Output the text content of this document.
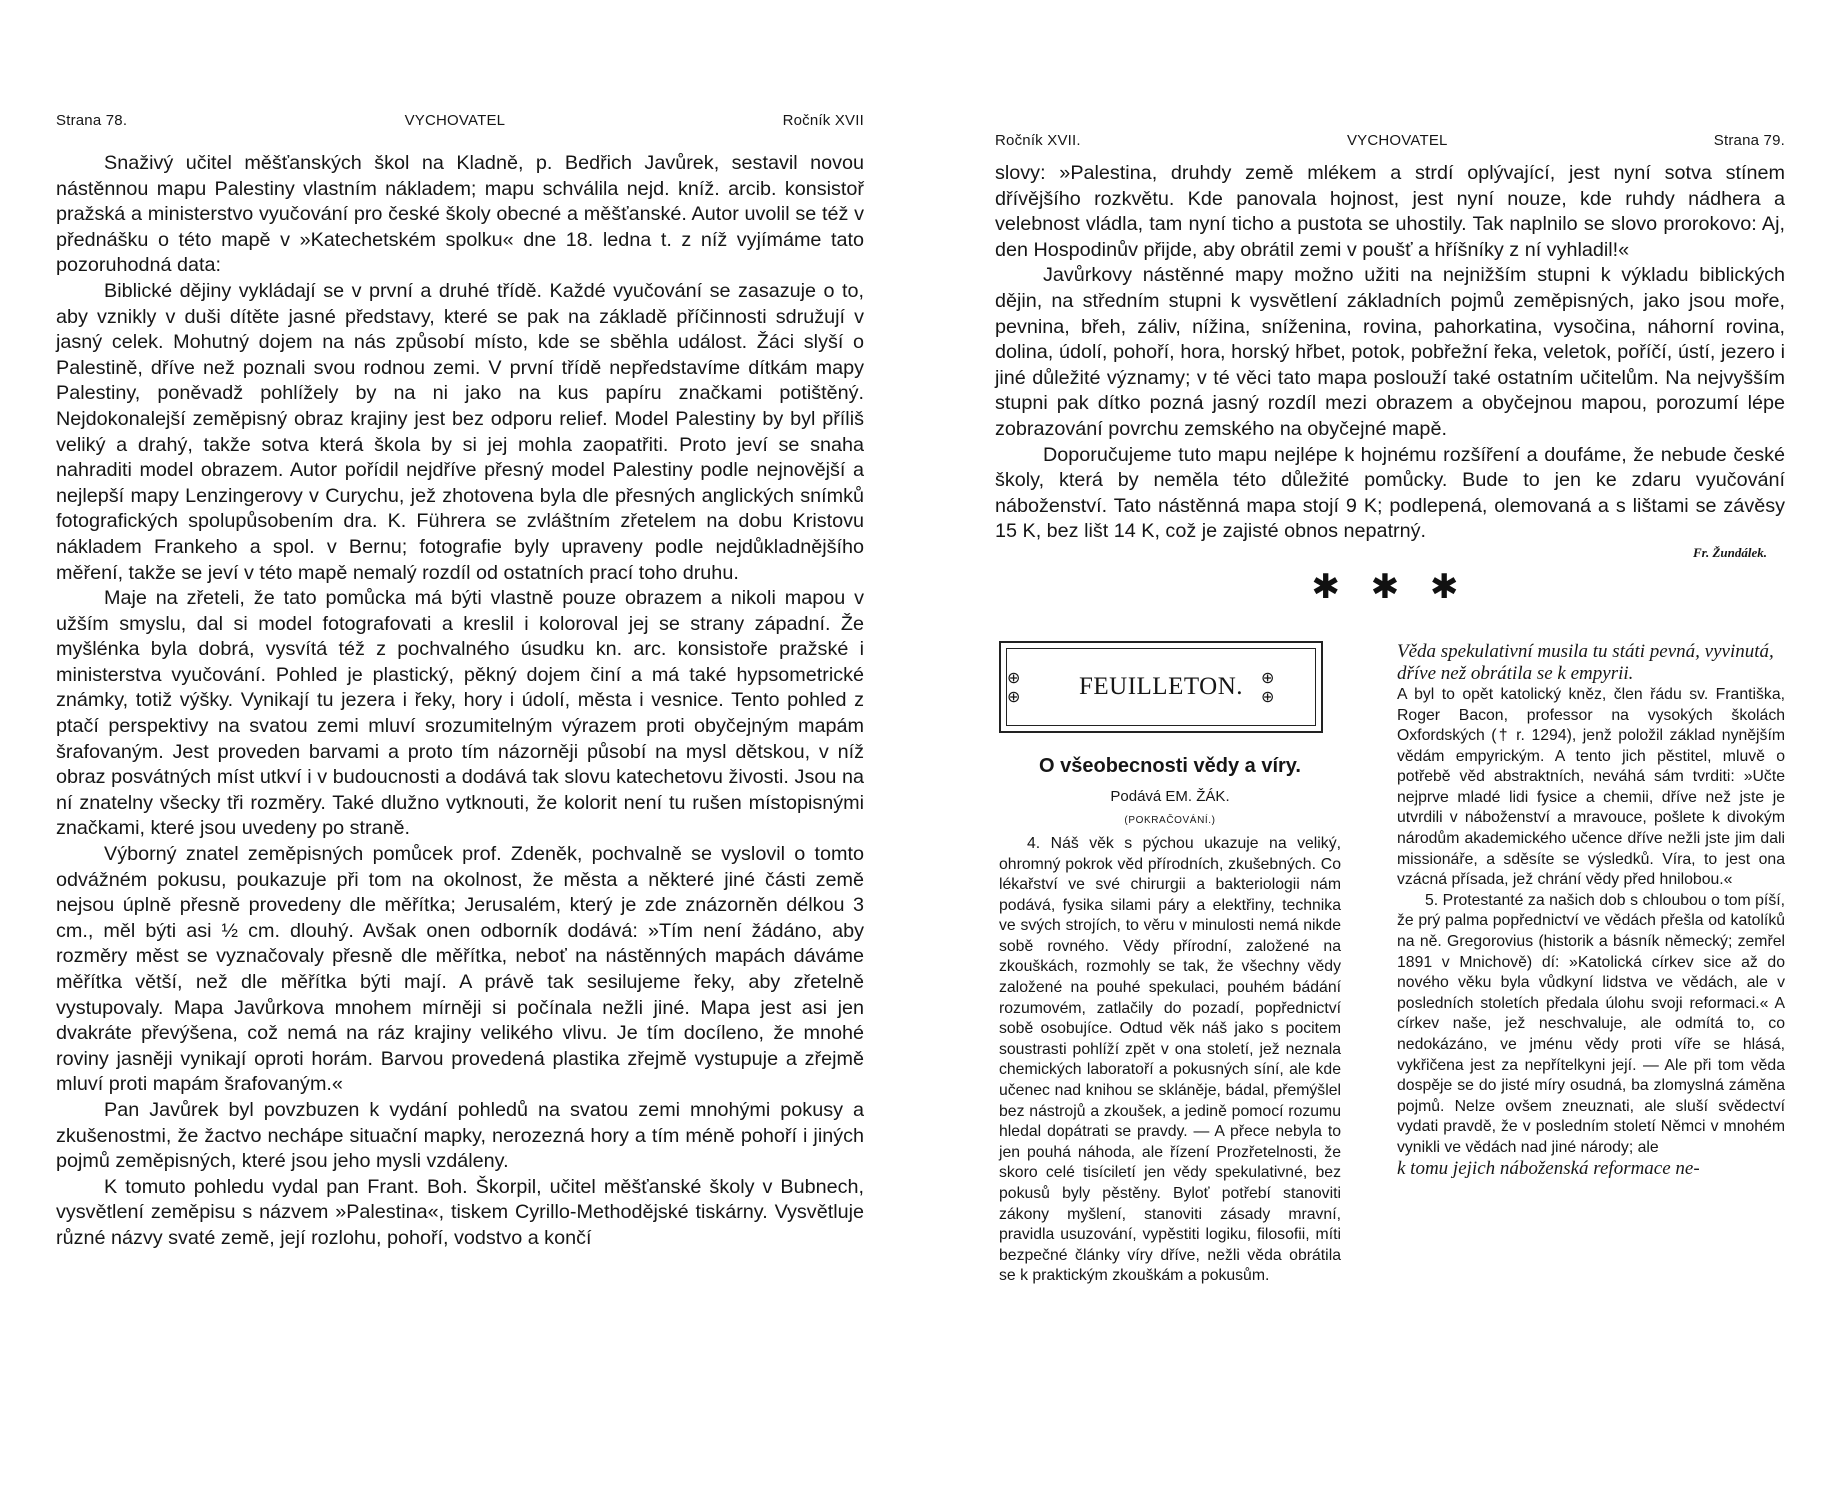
Strana 78.	VYCHOVATEL	Ročník XVII

Snaživý učitel měšťanských škol na Kladně, p. Bedřich Javůrek, sestavil novou nástěnnou mapu Palestiny vlastním nákladem; mapu schválila nejd. kníž. arcib. konsistoř pražská a ministerstvo vyučování pro české školy obecné a měšťanské. Autor uvolil se též v přednášku o této mapě v »Katechetském spolku« dne 18. ledna t. z níž vyjímáme tato pozoruhodná data:

Biblické dějiny vykládají se v první a druhé třídě. Každé vyučování se zasazuje o to, aby vznikly v duši dítěte jasné představy, které se pak na základě příčinnosti sdružují v jasný celek. Mohutný dojem na nás způsobí místo, kde se sběhla událost. Žáci slyší o Palestině, dříve než poznali svou rodnou zemi. V první třídě nepředstavíme dítkám mapy Palestiny, poněvadž pohlížely by na ni jako na kus papíru značkami potištěný. Nejdokonalejší zeměpisný obraz krajiny jest bez odporu relief. Model Palestiny by byl příliš veliký a drahý, takže sotva která škola by si jej mohla zaopatřiti. Proto jeví se snaha nahraditi model obrazem. Autor pořídil nejdříve přesný model Palestiny podle nejnovější a nejlepší mapy Lenzingerovy v Curychu, jež zhotovena byla dle přesných anglických snímků fotografických spolupůsobením dra. K. Führera se zvláštním zřetelem na dobu Kristovu nákladem Frankeho a spol. v Bernu; fotografie byly upraveny podle nejdůkladnějšího měření, takže se jeví v této mapě nemalý rozdíl od ostatních prací toho druhu.

Maje na zřeteli, že tato pomůcka má býti vlastně pouze obrazem a nikoli mapou v užším smyslu, dal si model fotografovati a kreslil i koloroval jej se strany západní. Že myšlénka byla dobrá, vysvítá též z pochvalného úsudku kn. arc. konsistoře pražské i ministerstva vyučování. Pohled je plastický, pěkný dojem činí a má také hypsometrické známky, totiž výšky. Vynikají tu jezera i řeky, hory i údolí, města i vesnice. Tento pohled z ptačí perspektivy na svatou zemi mluví srozumitelným výrazem proti obyčejným mapám šrafovaným. Jest proveden barvami a proto tím názorněji působí na mysl dětskou, v níž obraz posvátných míst utkví i v budoucnosti a dodává tak slovu katechetovu živosti. Jsou na ní znatelny všecky tři rozměry. Také dlužno vytknouti, že kolorit není tu rušen místopisnými značkami, které jsou uvedeny po straně.

Výborný znatel zeměpisných pomůcek prof. Zdeněk, pochvalně se vyslovil o tomto odvážném pokusu, poukazuje při tom na okolnost, že města a některé jiné části země nejsou úplně přesně provedeny dle měřítka; Jerusalém, který je zde znázorněn délkou 3 cm., měl býti asi ½ cm. dlouhý. Avšak onen odborník dodává: »Tím není žádáno, aby rozměry měst se vyznačovaly přesně dle měřítka, neboť na nástěnných mapách dáváme měřítka větší, než dle měřítka býti mají. A právě tak sesilujeme řeky, aby zřetelně vystupovaly. Mapa Javůrkova mnohem mírněji si počínala nežli jiné. Mapa jest asi jen dvakráte převýšena, což nemá na ráz krajiny velikého vlivu. Je tím docíleno, že mnohé roviny jasněji vynikají oproti horám. Barvou provedená plastika zřejmě vystupuje a zřejmě mluví proti mapám šrafovaným.«

Pan Javůrek byl povzbuzen k vydání pohledů na svatou zemi mnohými pokusy a zkušenostmi, že žactvo nechápe situační mapky, nerozezná hory a tím méně pohoří i jiných pojmů zeměpisných, které jsou jeho mysli vzdáleny.

K tomuto pohledu vydal pan Frant. Boh. Škorpil, učitel měšťanské školy v Bubnech, vysvětlení zeměpisu s názvem »Palestina«, tiskem Cyrillo-Methodějské tiskárny. Vysvětluje různé názvy svaté země, její rozlohu, pohoří, vodstvo a končí

Ročník XVII.	VYCHOVATEL	Strana 79.

slovy: »Palestina, druhdy země mlékem a strdí oplývající, jest nyní sotva stínem dřívějšího rozkvětu. Kde panovala hojnost, jest nyní nouze, kde ruhdy nádhera a velebnost vládla, tam nyní ticho a pustota se uhostily. Tak naplnilo se slovo prorokovo: Aj, den Hospodinův přijde, aby obrátil zemi v poušť a hříšníky z ní vyhladil!«

Javůrkovy nástěnné mapy možno užiti na nejnižším stupni k výkladu biblických dějin, na středním stupni k vysvětlení základních pojmů zeměpisných, jako jsou moře, pevnina, břeh, záliv, nížina, sníženina, rovina, pahorkatina, vysočina, náhorní rovina, dolina, údolí, pohoří, hora, horský hřbet, potok, pobřežní řeka, veletok, poříčí, ústí, jezero i jiné důležité významy; v té věci tato mapa poslouží také ostatním učitelům. Na nejvyšším stupni pak dítko pozná jasný rozdíl mezi obrazem a obyčejnou mapou, porozumí lépe zobrazování povrchu zemského na obyčejné mapě.

Doporučujeme tuto mapu nejlépe k hojnému rozšíření a doufáme, že nebude české školy, která by neměla této důležité pomůcky. Bude to jen ke zdaru vyučování náboženství. Tato nástěnná mapa stojí 9 K; podlepená, olemovaná a s lištami se závěsy 15 K, bez lišt 14 K, což je zajisté obnos nepatrný.

Fr. Žundálek.
✱ ✱ ✱
⊕ ⊕	FEUILLETON. ⊕ ⊕
O všeobecnosti vědy a víry.
Podává EM. ŽÁK.
(POKRAČOVÁNÍ.)

4. Náš věk s pýchou ukazuje na veliký, ohromný pokrok věd přírodních, zkušebných. Co lékařství ve své chirurgii a bakteriologii nám podává, fysika silami páry a elektřiny, technika ve svých strojích, to věru v minulosti nemá nikde sobě rovného. Vědy přírodní, založené na zkouškách, rozmohly se tak, že všechny vědy založené na pouhé spekulaci, pouhém bádání rozumovém, zatlačily do pozadí, popřednictví sobě osobujíce. Odtud věk náš jako s pocitem soustrasti pohlíží zpět v ona století, jež neznala chemických laboratoří a pokusných síní, ale kde učenec nad knihou se skláněje, bádal, přemýšlel bez nástrojů a zkoušek, a jedině pomocí rozumu hledal dopátrati se pravdy. — A přece nebyla to jen pouhá náhoda, ale řízení Prozřetelnosti, že skoro celé tisíciletí jen vědy spekulativné, bez pokusů byly pěstěny. Byloť potřebí stanoviti zákony myšlení, stanoviti zásady mravní, pravidla usuzování, vypěstiti logiku, filosofii, míti bezpečné články víry dříve, nežli věda obrátila se k praktickým zkouškám a pokusům.

Věda spekulativní musila tu státi pevná, vyvinutá, dříve než obrátila se k empyrii.

A byl to opět katolický kněz, člen řádu sv. Františka, Roger Bacon, professor na vysokých školách Oxfordských († r. 1294), jenž položil základ nynějším vědám empyrickým. A tento jich pěstitel, mluvě o potřebě věd abstraktních, neváhá sám tvrditi: »Učte nejprve mladé lidi fysice a chemii, dříve než jste je utvrdili v náboženství a mravouce, pošlete k divokým národům akademického učence dříve nežli jste jim dali missionáře, a sděsíte se výsledků. Víra, to jest ona vzácná přísada, jež chrání vědy před hnilobou.«

5. Protestanté za našich dob s chloubou o tom píší, že prý palma popřednictví ve vědách přešla od katolíků na ně. Gregorovius (historik a básník německý; zemřel 1891 v Mnichově) dí: »Katolická církev sice až do nového věku byla vůdkyní lidstva ve vědách, ale v posledních stoletích předala úlohu svoji reformaci.« A církev naše, jež neschvaluje, ale odmítá to, co nedokázáno, ve jménu vědy proti víře se hlásá, vykřičena jest za nepřítelkyni její. — Ale při tom věda dospěje se do jisté míry osudná, ba zlomyslná záměna pojmů. Nelze ovšem zneuznati, ale sluší svědectví vydati pravdě, že v posledním století Němci v mnohém vynikli ve vědách nad jiné národy; ale

k tomu jejich náboženská reformace ne-
